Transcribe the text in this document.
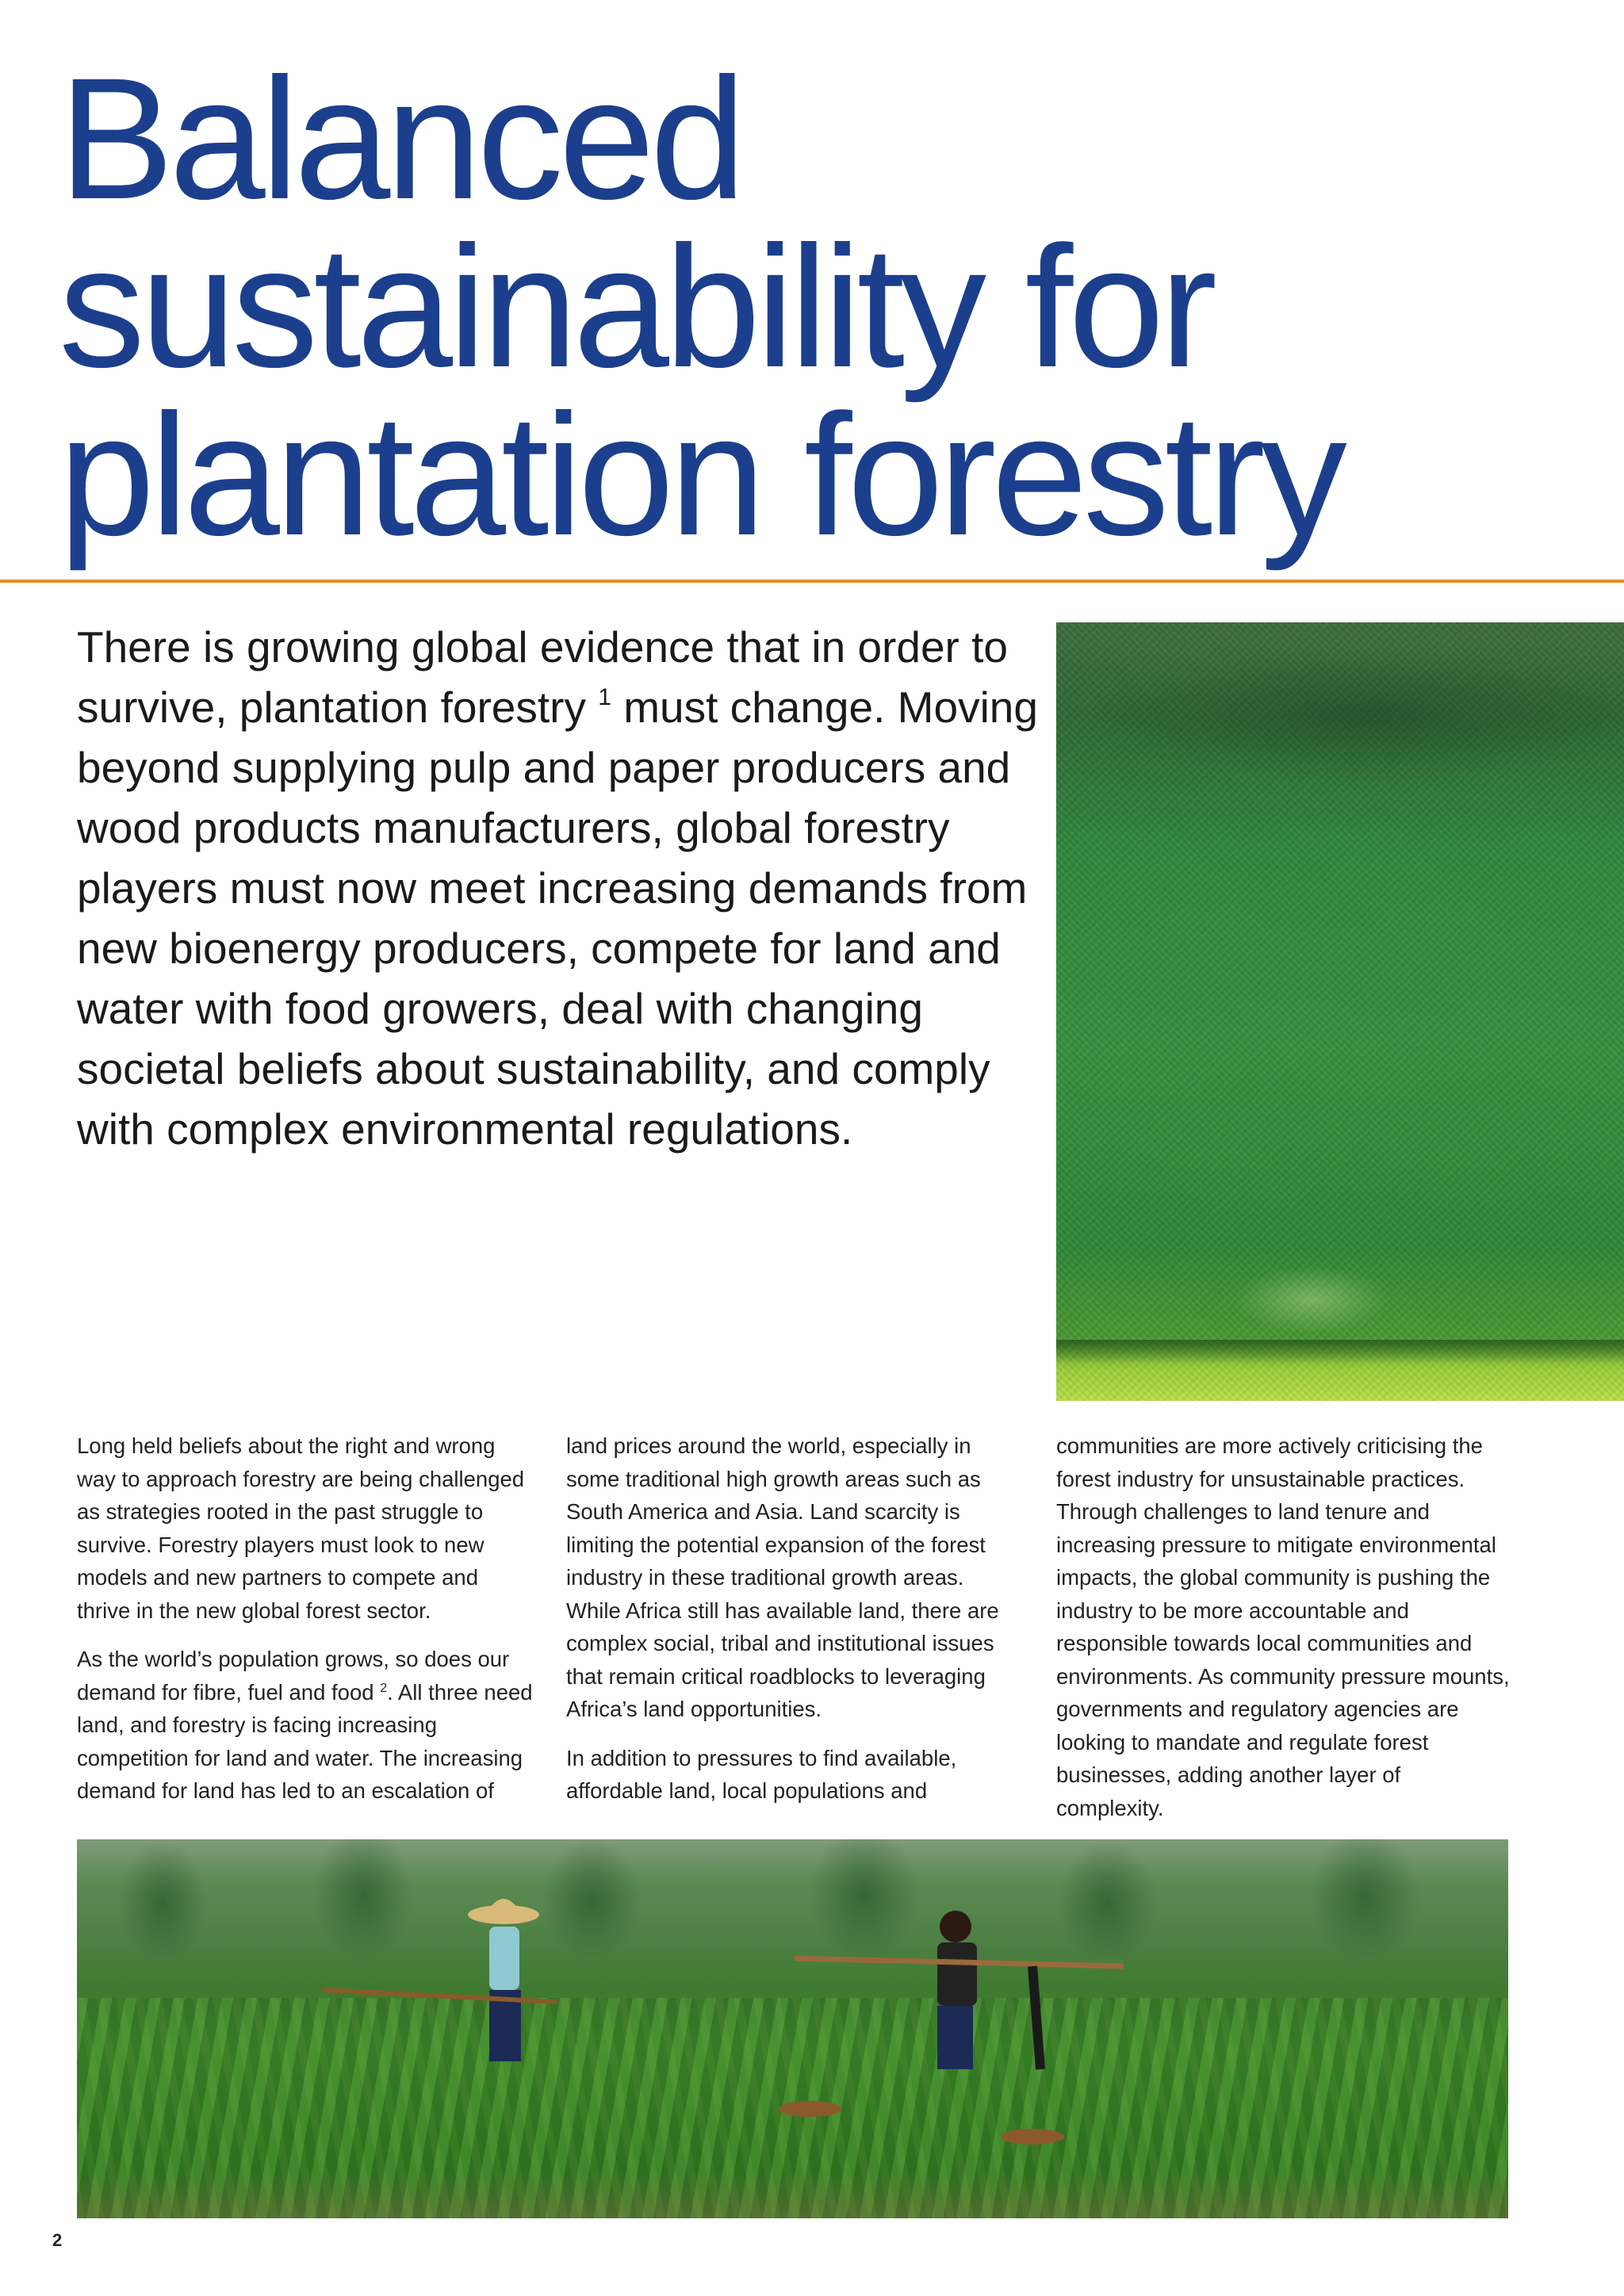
Balanced
sustainability for
plantation forestry

There is growing global evidence that in order to survive, plantation forestry $^1$ must change. Moving beyond supplying pulp and paper producers and wood products manufacturers, global forestry players must now meet increasing demands from new bioenergy producers, compete for land and water with food growers, deal with changing societal beliefs about sustainability, and comply with complex environmental regulations.

Long held beliefs about the right and wrong way to approach forestry are being challenged as strategies rooted in the past struggle to survive. Forestry players must look to new models and new partners to compete and thrive in the new global forest sector.

As the world’s population grows, so does our demand for fibre, fuel and food $^2$. All three need land, and forestry is facing increasing competition for land and water. The increasing demand for land has led to an escalation of

land prices around the world, especially in some traditional high growth areas such as South America and Asia. Land scarcity is limiting the potential expansion of the forest industry in these traditional growth areas. While Africa still has available land, there are complex social, tribal and institutional issues that remain critical roadblocks to leveraging Africa’s land opportunities.

In addition to pressures to find available, affordable land, local populations and

communities are more actively criticising the forest industry for unsustainable practices. Through challenges to land tenure and increasing pressure to mitigate environmental impacts, the global community is pushing the industry to be more accountable and responsible towards local communities and environments. As community pressure mounts, governments and regulatory agencies are looking to mandate and regulate forest businesses, adding another layer of complexity.

2
